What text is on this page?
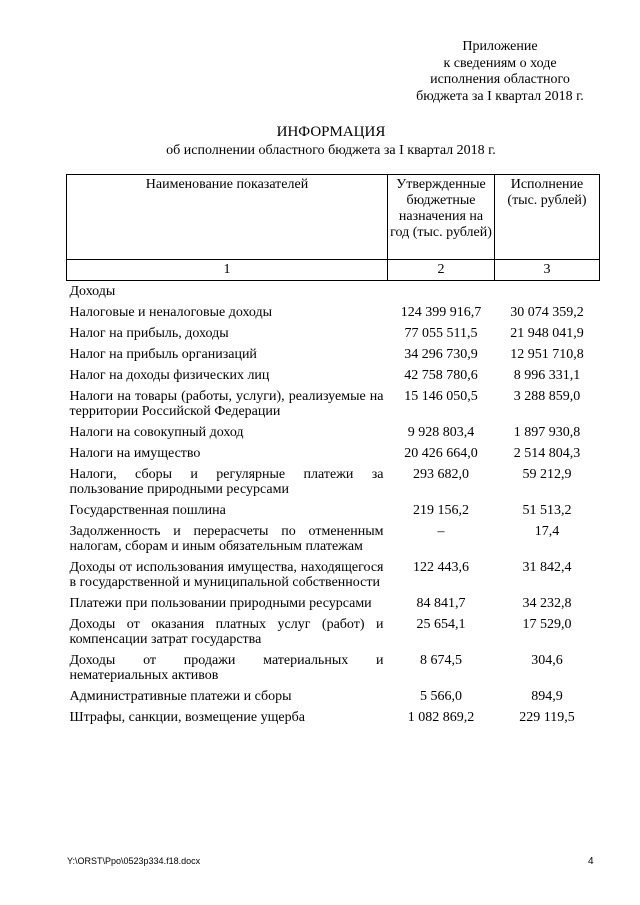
Приложение
к сведениям о ходе
исполнения областного
бюджета за I квартал 2018 г.
ИНФОРМАЦИЯ
об исполнении областного бюджета за I квартал 2018 г.
Наименование показателей	Утвержденные бюджетные назначения на год (тыс. рублей)	Исполнение (тыс. рублей)
1	2	3
Доходы		
Налоговые и неналоговые доходы	124 399 916,7	30 074 359,2
Налог на прибыль, доходы	77 055 511,5	21 948 041,9
Налог на прибыль организаций	34 296 730,9	12 951 710,8
Налог на доходы физических лиц	42 758 780,6	8 996 331,1
Налоги на товары (работы, услуги), реализуемые на территории Российской Федерации	15 146 050,5	3 288 859,0
Налоги на совокупный доход	9 928 803,4	1 897 930,8
Налоги на имущество	20 426 664,0	2 514 804,3
Налоги, сборы и регулярные платежи за пользование природными ресурсами	293 682,0	59 212,9
Государственная пошлина	219 156,2	51 513,2
Задолженность и перерасчеты по отмененным налогам, сборам и иным обязательным платежам	–	17,4
Доходы от использования имущества, находящегося в государственной и муниципальной собственности	122 443,6	31 842,4
Платежи при пользовании природными ресурсами	84 841,7	34 232,8
Доходы от оказания платных услуг (работ) и компенсации затрат государства	25 654,1	17 529,0
Доходы от продажи материальных и нематериальных активов	8 674,5	304,6
Административные платежи и сборы	5 566,0	894,9
Штрафы, санкции, возмещение ущерба	1 082 869,2	229 119,5
Y:\ORST\Ppo\0523p334.f18.docx	4
